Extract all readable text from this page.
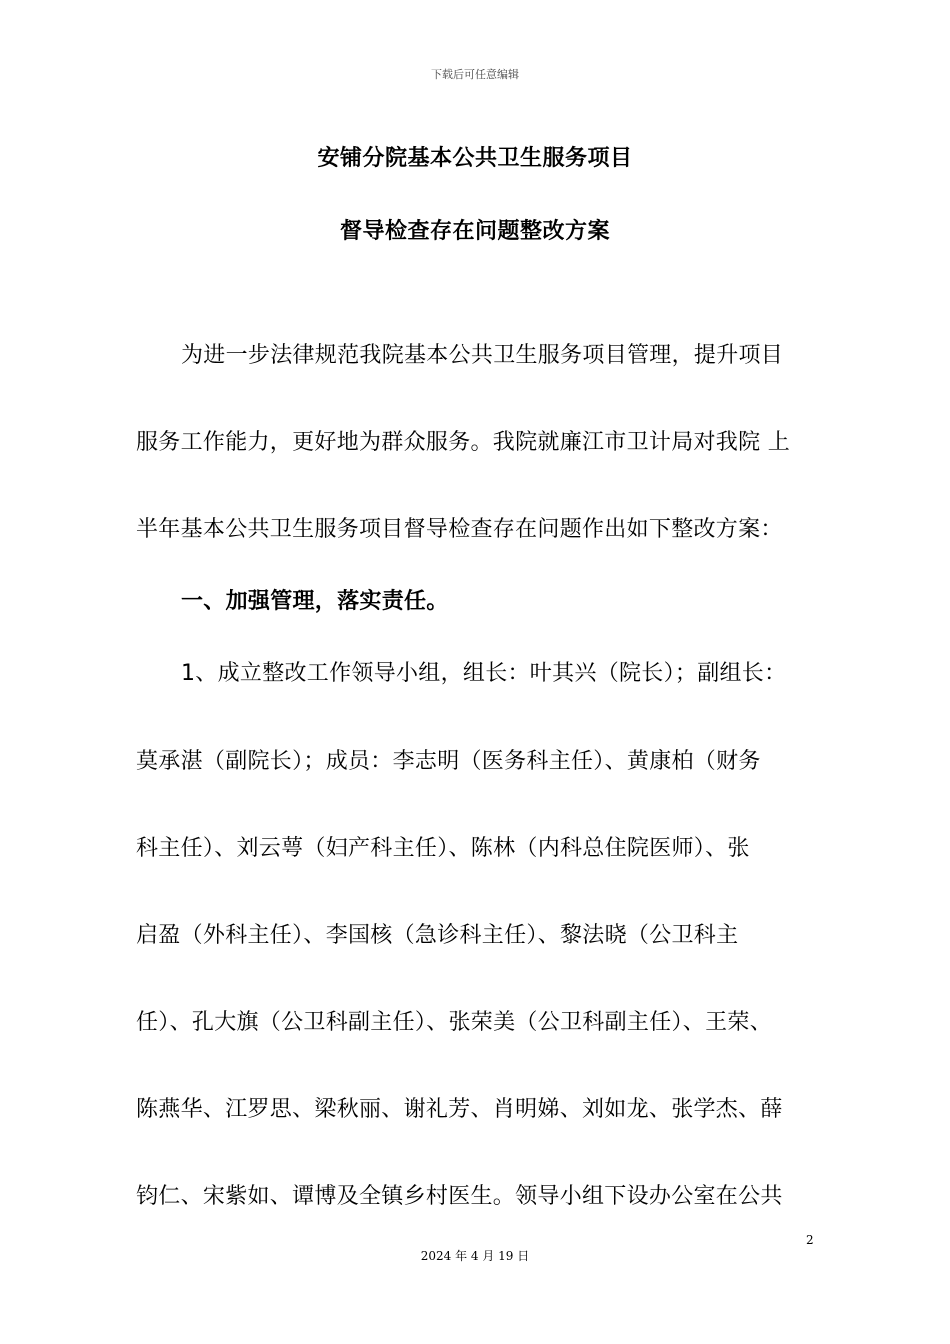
下载后可任意编辑
安铺分院基本公共卫生服务项目
督导检查存在问题整改方案
为进一步法律规范我院基本公共卫生服务项目管理，提升项目
服务工作能力，更好地为群众服务。我院就廉江市卫计局对我院 上
半年基本公共卫生服务项目督导检查存在问题作出如下整改方案：
一、加强管理，落实责任。
1、成立整改工作领导小组，组长：叶其兴（院长）；副组长：
莫承湛（副院长）；成员：李志明（医务科主任）、黄康柏（财务
科主任）、刘云萼（妇产科主任）、陈林（内科总住院医师）、张
启盈（外科主任）、李国核（急诊科主任）、黎法晓（公卫科主
任）、孔大旗（公卫科副主任）、张荣美（公卫科副主任）、王荣、
陈燕华、江罗思、梁秋丽、谢礼芳、肖明娣、刘如龙、张学杰、薛
钧仁、宋紫如、谭博及全镇乡村医生。领导小组下设办公室在公共
2
2024 年 4 月 19 日
